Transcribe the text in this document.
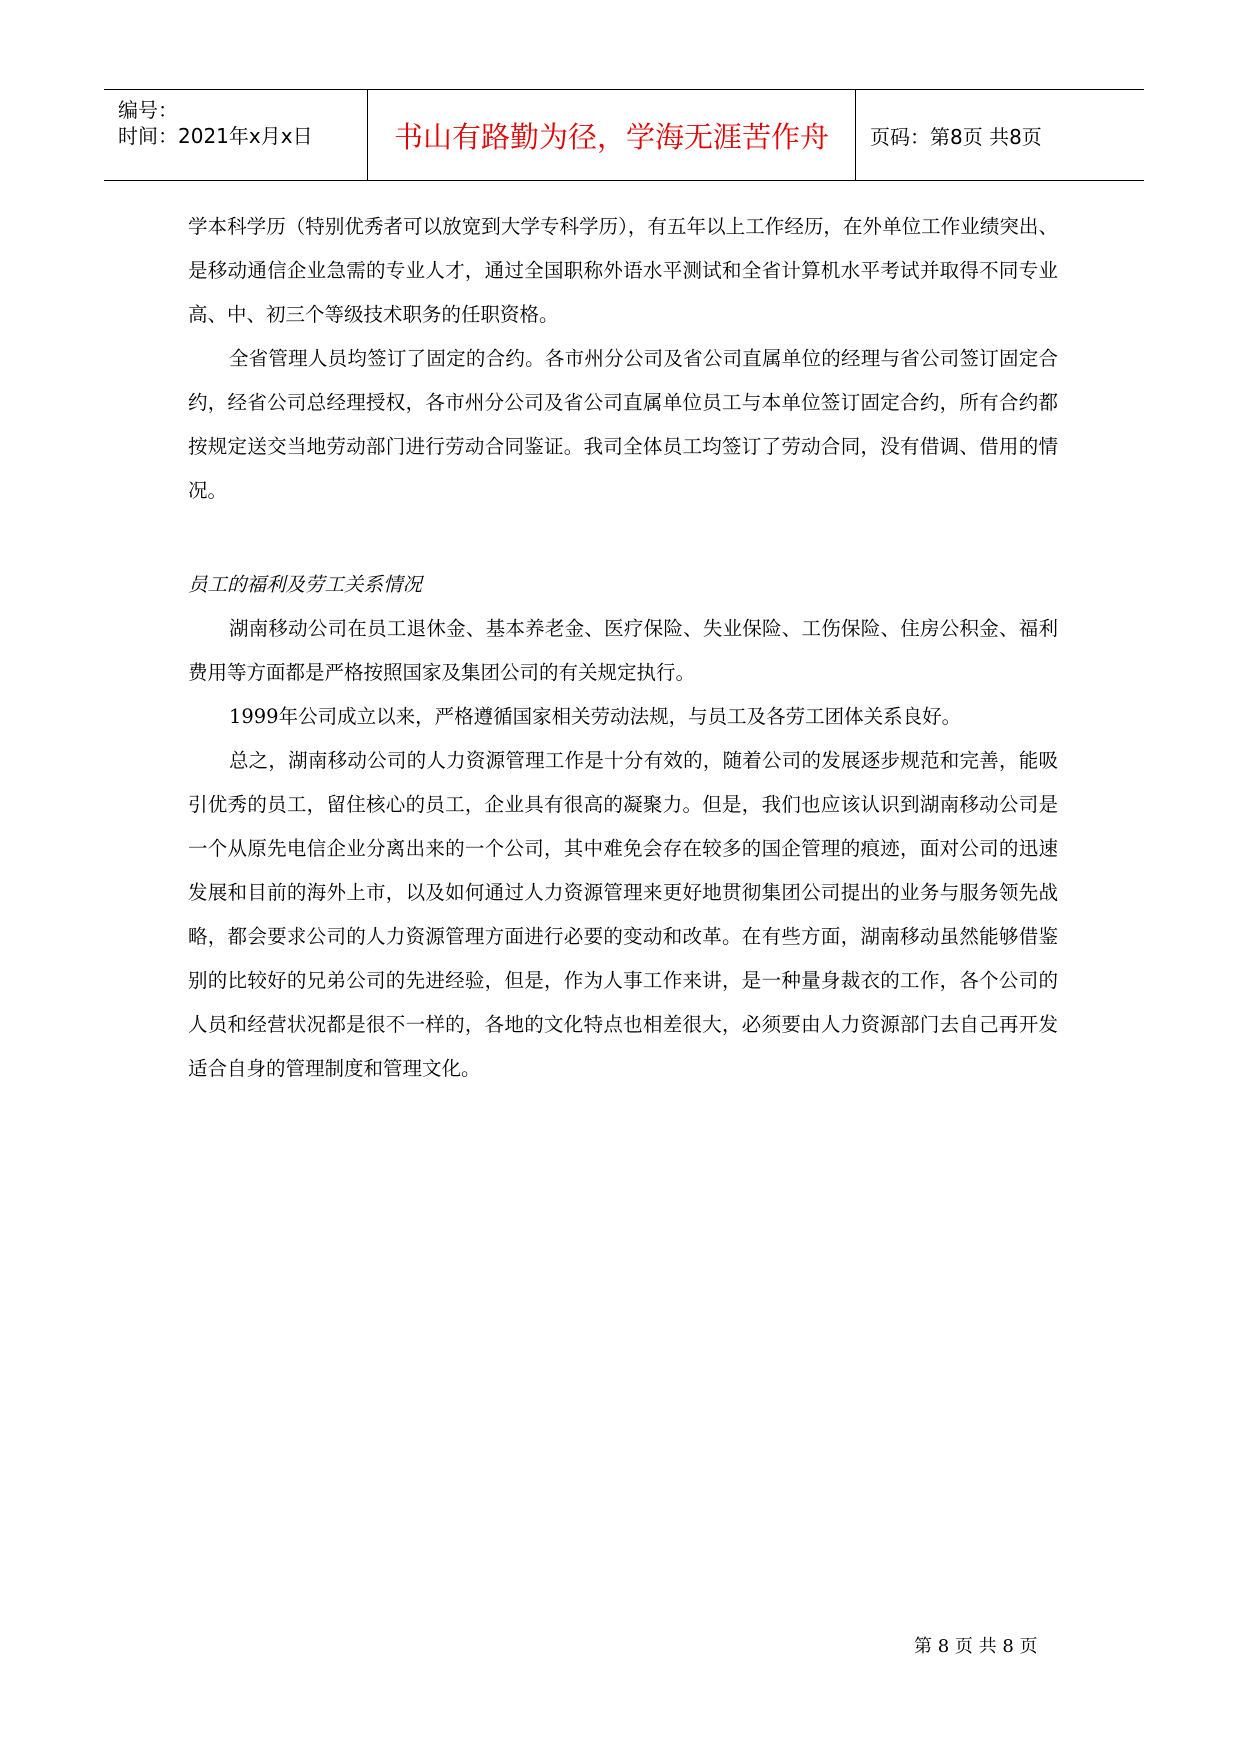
编号：
时间：2021年x月x日	书山有路勤为径，学海无涯苦作舟	页码：第8页 共8页

学本科学历（特别优秀者可以放宽到大学专科学历），有五年以上工作经历，在外单位工作业绩突出、是移动通信企业急需的专业人才，通过全国职称外语水平测试和全省计算机水平考试并取得不同专业高、中、初三个等级技术职务的任职资格。

全省管理人员均签订了固定的合约。各市州分公司及省公司直属单位的经理与省公司签订固定合约，经省公司总经理授权，各市州分公司及省公司直属单位员工与本单位签订固定合约，所有合约都按规定送交当地劳动部门进行劳动合同鉴证。我司全体员工均签订了劳动合同，没有借调、借用的情况。

员工的福利及劳工关系情况

湖南移动公司在员工退休金、基本养老金、医疗保险、失业保险、工伤保险、住房公积金、福利费用等方面都是严格按照国家及集团公司的有关规定执行。

1999年公司成立以来，严格遵循国家相关劳动法规，与员工及各劳工团体关系良好。

总之，湖南移动公司的人力资源管理工作是十分有效的，随着公司的发展逐步规范和完善，能吸引优秀的员工，留住核心的员工，企业具有很高的凝聚力。但是，我们也应该认识到湖南移动公司是一个从原先电信企业分离出来的一个公司，其中难免会存在较多的国企管理的痕迹，面对公司的迅速发展和目前的海外上市，以及如何通过人力资源管理来更好地贯彻集团公司提出的业务与服务领先战略，都会要求公司的人力资源管理方面进行必要的变动和改革。在有些方面，湖南移动虽然能够借鉴别的比较好的兄弟公司的先进经验，但是，作为人事工作来讲，是一种量身裁衣的工作，各个公司的人员和经营状况都是很不一样的，各地的文化特点也相差很大，必须要由人力资源部门去自己再开发适合自身的管理制度和管理文化。

第 8 页 共 8 页
